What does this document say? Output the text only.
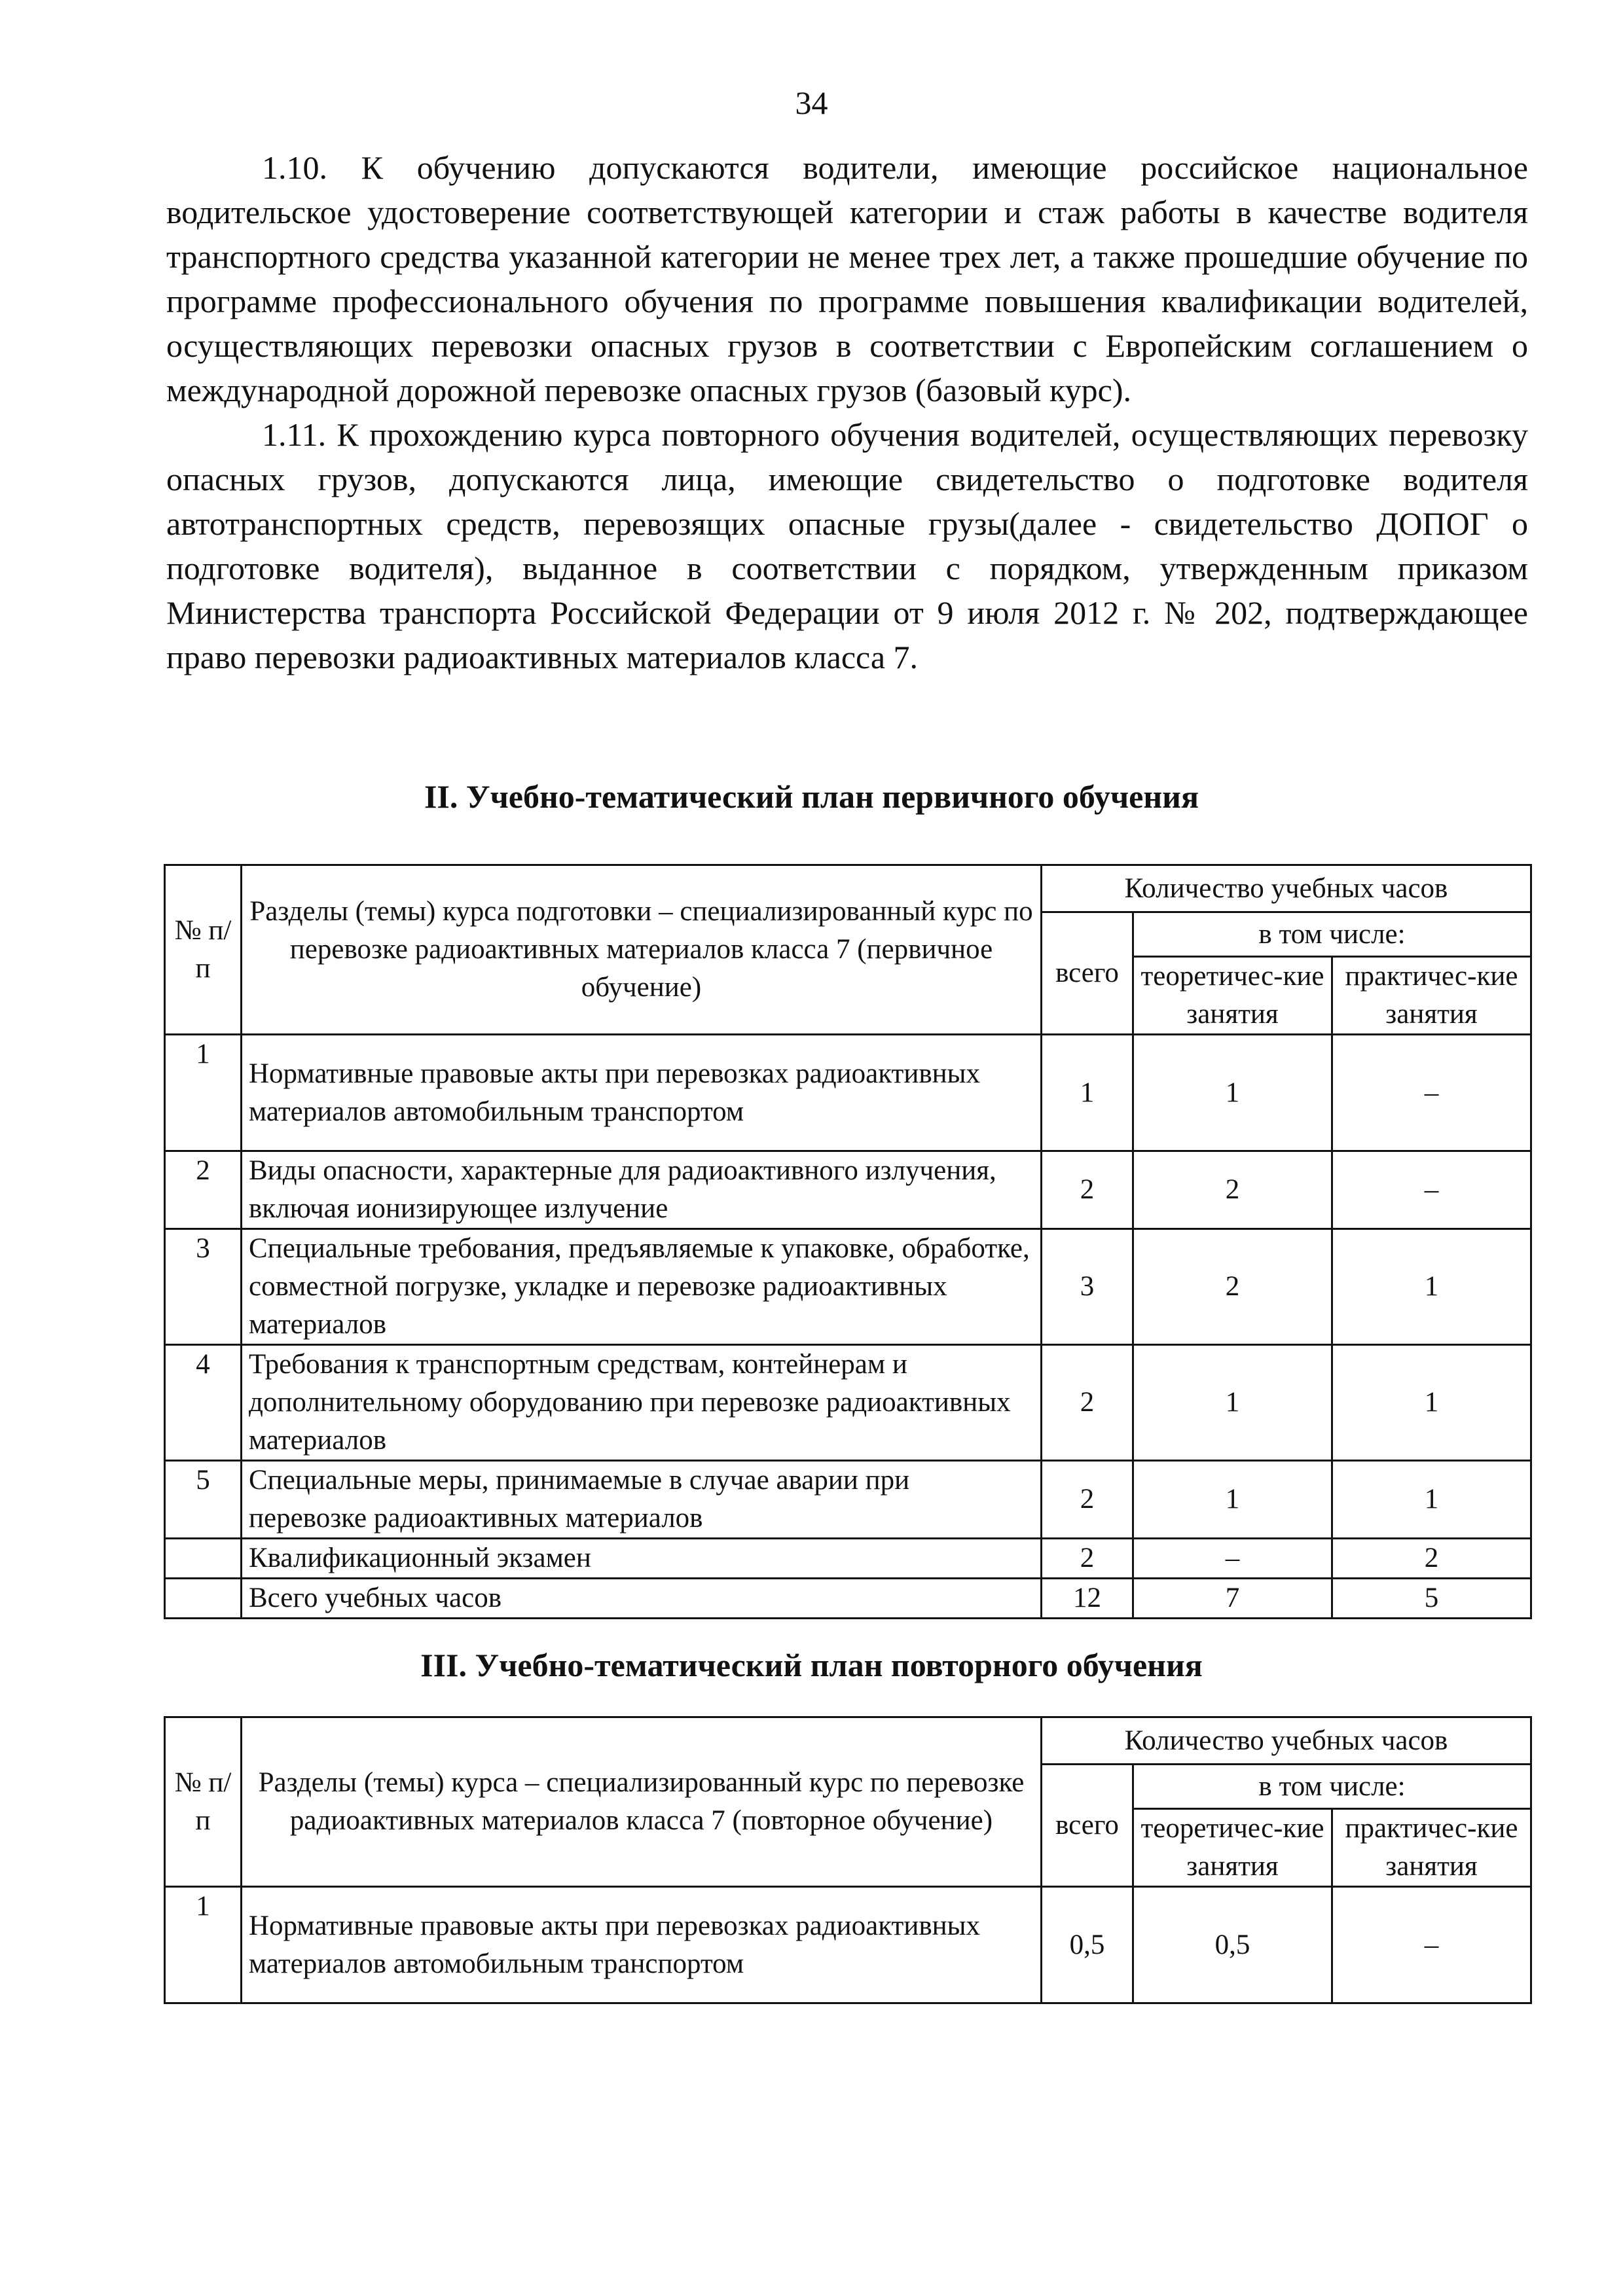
34

1.10. К обучению допускаются водители, имеющие российское национальное водительское удостоверение соответствующей категории и стаж работы в качестве водителя транспортного средства указанной категории не менее трех лет, а также прошедшие обучение по программе профессионального обучения по программе повышения квалификации водителей, осуществляющих перевозки опасных грузов в соответствии с Европейским соглашением о международной дорожной перевозке опасных грузов (базовый курс).

1.11. К прохождению курса повторного обучения водителей, осуществляющих перевозку опасных грузов, допускаются лица, имеющие свидетельство о подготовке водителя автотранспортных средств, перевозящих опасные грузы(далее - свидетельство ДОПОГ о подготовке водителя), выданное в соответствии с порядком, утвержденным приказом Министерства транспорта Российской Федерации от 9 июля 2012 г. № 202, подтверждающее право перевозки радиоактивных материалов класса 7.

II. Учебно-тематический план первичного обучения
№ п/п	Разделы (темы) курса подготовки – специализированный курс по перевозке радиоактивных материалов класса 7 (первичное обучение)	Количество учебных часов		
		всего	в том числе:	
			теоретичес-кие занятия	практичес-кие занятия
1	Нормативные правовые акты при перевозках радиоактивных материалов автомобильным транспортом	1	1	–
2	Виды опасности, характерные для радиоактивного излучения, включая ионизирующее излучение	2	2	–
3	Специальные требования, предъявляемые к упаковке, обработке, совместной погрузке, укладке и перевозке радиоактивных материалов	3	2	1
4	Требования к транспортным средствам, контейнерам и дополнительному оборудованию при перевозке радиоактивных материалов	2	1	1
5	Специальные меры, принимаемые в случае аварии при перевозке радиоактивных материалов	2	1	1
	Квалификационный экзамен	2	–	2
	Всего учебных часов	12	7	5
III. Учебно-тематический план повторного обучения
№ п/п	Разделы (темы) курса – специализированный курс по перевозке радиоактивных материалов класса 7 (повторное обучение)	Количество учебных часов		
		всего	в том числе:	
			теоретичес-кие занятия	практичес-кие занятия
1	Нормативные правовые акты при перевозках радиоактивных материалов автомобильным транспортом	0,5	0,5	–
